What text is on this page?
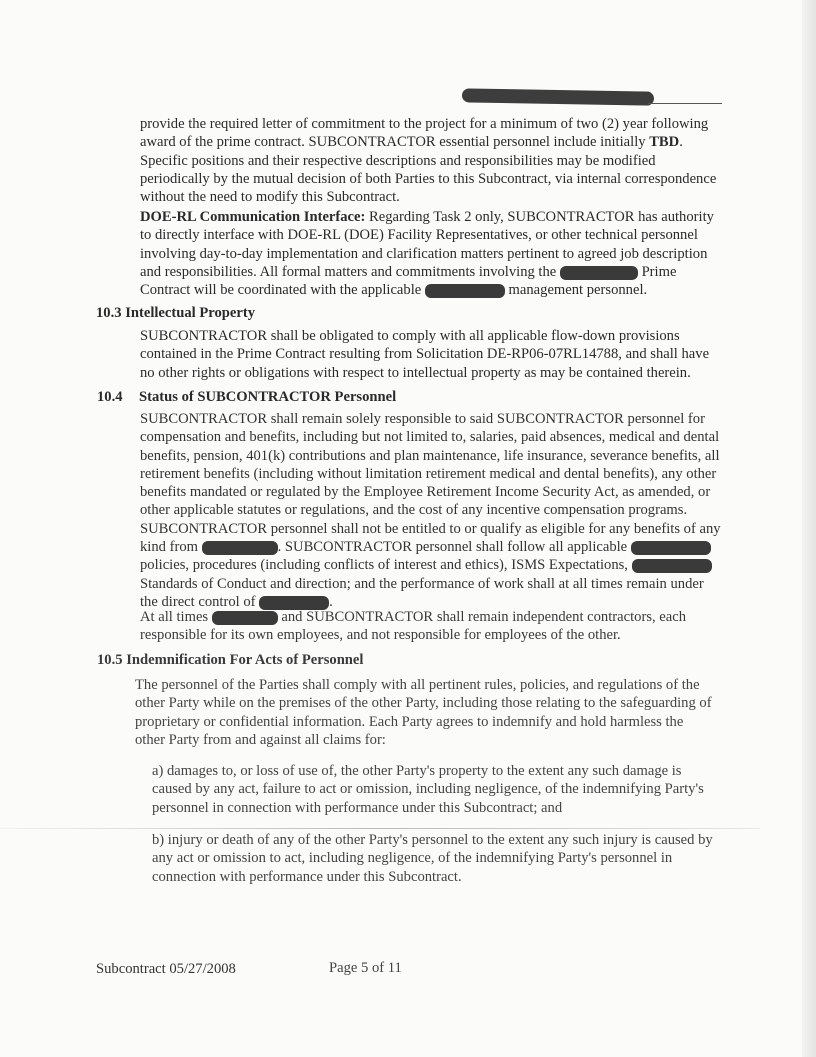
provide the required letter of commitment to the project for a minimum of two (2) year following award of the prime contract. SUBCONTRACTOR essential personnel include initially TBD. Specific positions and their respective descriptions and responsibilities may be modified periodically by the mutual decision of both Parties to this Subcontract, via internal correspondence without the need to modify this Subcontract.
DOE-RL Communication Interface: Regarding Task 2 only, SUBCONTRACTOR has authority to directly interface with DOE-RL (DOE) Facility Representatives, or other technical personnel involving day-to-day implementation and clarification matters pertinent to agreed job description and responsibilities. All formal matters and commitments involving the	Prime Contract will be coordinated with the applicable	management personnel.
10.3 Intellectual Property
SUBCONTRACTOR shall be obligated to comply with all applicable flow-down provisions contained in the Prime Contract resulting from Solicitation DE-RP06-07RL14788, and shall have no other rights or obligations with respect to intellectual property as may be contained therein.
10.4 Status of SUBCONTRACTOR Personnel
SUBCONTRACTOR shall remain solely responsible to said SUBCONTRACTOR personnel for compensation and benefits, including but not limited to, salaries, paid absences, medical and dental benefits, pension, 401(k) contributions and plan maintenance, life insurance, severance benefits, all retirement benefits (including without limitation retirement medical and dental benefits), any other benefits mandated or regulated by the Employee Retirement Income Security Act, as amended, or other applicable statutes or regulations, and the cost of any incentive compensation programs. SUBCONTRACTOR personnel shall not be entitled to or qualify as eligible for any benefits of any kind from	. SUBCONTRACTOR personnel shall follow all applicable  policies, procedures (including conflicts of interest and ethics), ISMS Expectations,  Standards of Conduct and direction; and the performance of work shall at all times remain under the direct control of	.
At all times	and SUBCONTRACTOR shall remain independent contractors, each responsible for its own employees, and not responsible for employees of the other.
10.5 Indemnification For Acts of Personnel
The personnel of the Parties shall comply with all pertinent rules, policies, and regulations of the other Party while on the premises of the other Party, including those relating to the safeguarding of proprietary or confidential information. Each Party agrees to indemnify and hold harmless the other Party from and against all claims for:
a) damages to, or loss of use of, the other Party's property to the extent any such damage is caused by any act, failure to act or omission, including negligence, of the indemnifying Party's personnel in connection with performance under this Subcontract; and
b) injury or death of any of the other Party's personnel to the extent any such injury is caused by any act or omission to act, including negligence, of the indemnifying Party's personnel in connection with performance under this Subcontract.
Subcontract 05/27/2008	Page 5 of 11
